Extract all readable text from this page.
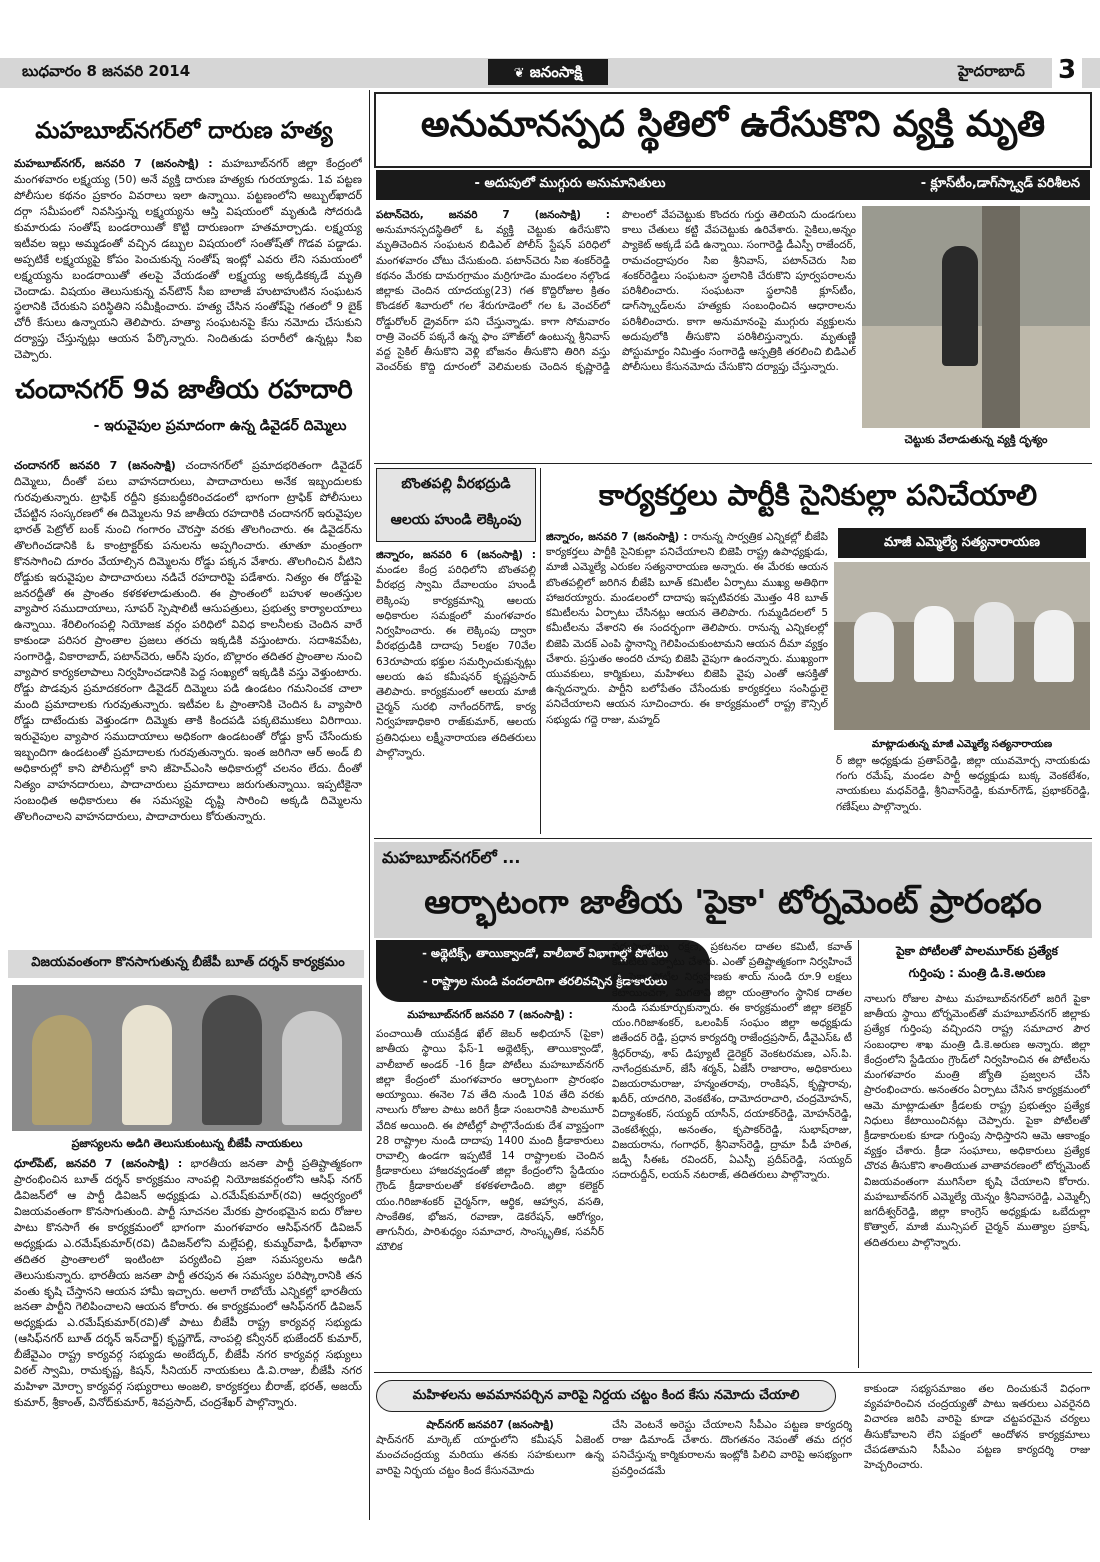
బుధవారం 8 జనవరి 2014	❦ జనంసాక్షి	హైదరాబాద్ 3
మహబూబ్‌నగర్‌లో దారుణ హత్య
మహబూబ్‌నగర్, జనవరి 7 (జనంసాక్షి) : మహబూబ్‌నగర్ జిల్లా కేంద్రంలో మంగళవారం లక్ష్మయ్య (50) అనే వ్యక్తి దారుణ హత్యకు గురయ్యాడు. 1వ పట్టణ పోలీసుల కథనం ప్రకారం వివరాలు ఇలా ఉన్నాయి. పట్టణంలోని అబ్బుల్‌ఖాదర్ దర్గా సమీపంలో నివసిస్తున్న లక్ష్మయ్యను ఆస్తి విషయంలో మృతుడి సోదరుడి కుమారుడు సంతోష్ బండరాయితో కొట్టి దారుణంగా హతమార్చాడు. లక్ష్మయ్య ఇటీవల ఇల్లు అమ్మడంతో వచ్చిన డబ్బుల విషయంలో సంతోష్‌తో గొడవ పడ్డాడు. అప్పటికే లక్ష్మయ్యపై కోపం పెంచుకున్న సంతోష్ ఇంట్లో ఎవరు లేని సమయంలో లక్ష్మయ్యను బండరాయితో తలపై వేయడంతో లక్ష్మయ్య అక్కడికక్కడే మృతి చెందాడు. విషయం తెలుసుకున్న వన్‌టౌన్ సీఐ బాలాజీ హుటాహుటిన సంఘటన స్థలానికి చేరుకుని పరిస్థితిని సమీక్షించారు. హత్య చేసిన సంతోష్‌పై గతంలో 9 బైక్ చోరీ కేసులు ఉన్నాయని తెలిపారు. హత్యా సంఘటనపై కేసు నమోదు చేసుకుని దర్యాప్తు చేస్తున్నట్లు ఆయన పేర్కొన్నారు. నిందితుడు పరారీలో ఉన్నట్లు సీఐ చెప్పారు.
చందానగర్ 9వ జాతీయ రహదారి
- ఇరువైపుల ప్రమాదంగా ఉన్న డివైడర్ దిమ్మెలు
చందానగర్ జనవరి 7 (జనంసాక్షి) చందానగర్‌లో ప్రమాదభరితంగా డివైడర్ దిమ్మెలు, దీంతో పలు వాహనదారులు, పాదాచారులు అనేక ఇబ్బందులకు గురవుతున్నారు. ట్రాఫిక్ రద్దీని క్రమబద్ధీకరించడంలో భాగంగా ట్రాఫిక్ పోలీసులు చేపట్టిన సంస్కరణలో ఈ దిమ్మెలను 9వ జాతీయ రహదారికి చందానగర్ ఇరువైపుల భారత్ పెట్రోల్ బంక్ నుంచి గంగారం చౌరస్తా వరకు తొలగించారు. ఈ డివైడర్‌ను తొలగించడానికి ఓ కాంట్రాక్టర్‌కు పనులను అప్పగించారు. తూతూ మంత్రంగా కొనసాగించి దూరం వేయాల్సిన దిమ్మెలను రోడ్డు పక్కన వేశారు. తొలగించిన వీటిని రోడ్డుకు ఇరువైపుల పాదాచారులు నడిచే రహదారిపై పడేశారు. నిత్యం ఈ రోడ్డుపై జనరద్దీతో ఈ ప్రాంతం కళకళలాడుతుంది. ఈ ప్రాంతంలో బహుళ అంతస్తుల వ్యాపార సముదాయాలు, సూపర్ స్పెషాలిటీ ఆసుపత్రులు, ప్రభుత్వ కార్యాలయాలు ఉన్నాయి. శేరిలింగంపల్లి నియోజక వర్గం పరిధిలో వివిధ కాలనీలకు చెందిన వారే కాకుండా పరిసర ప్రాంతాల ప్రజలు తరచు ఇక్కడికి వస్తుంటారు. సదాశివపేట, సంగారెడ్డి, వికారాబాద్, పటాన్‌చెరు, ఆర్‌సి పురం, బొల్లారం తదితర ప్రాంతాల నుంచి వ్యాపార కార్యకలాపాలు నిర్వహించడానికి పెద్ద సంఖ్యలో ఇక్కడికి వస్తు వెళ్తుంటారు. రోడ్డు పొడవున ప్రమాదకరంగా డివైడర్ దిమ్మెలు పడి ఉండటం గమనించక చాలా మంది ప్రమాదాలకు గురవుతున్నారు. ఇటీవల ఓ ప్రాంతానికి చెందిన ఓ వ్యాపారి రోడ్డు దాటేందుకు వెళ్తుండగా దిమ్మెకు తాకి కిందపడి పక్కటెముకలు విరిగాయి. ఇరువైపుల వ్యాపార సముదాయాలు అధికంగా ఉండటంతో రోడ్డు క్రాస్ చేసేందుకు ఇబ్బందిగా ఉండటంతో ప్రమాదాలకు గురవుతున్నారు. ఇంత జరిగినా ఆర్ అండ్ బి అధికారుల్లో కాని పోలీసుల్లో కాని జీహెచ్ఎంసి అధికారుల్లో చలనం లేదు. దీంతో నిత్యం వాహనదారులు, పాదాచారులు ప్రమాదాలు జరుగుతున్నాయి. ఇప్పటికైనా సంబంధిత అధికారులు ఈ సమస్యపై దృష్టి సారించి అక్కడి దిమ్మెలను తొలగించాలని వాహనదారులు, పాదాచారులు కోరుతున్నారు.
విజయవంతంగా కొనసాగుతున్న బీజేపీ బూత్ దర్శన్ కార్యక్రమం
ప్రజాస్యలను అడిగి తెలుసుకుంటున్న బీజేపీ నాయకులు
ధూల్‌పేట్, జనవరి 7 (జనంసాక్షి) : భారతీయ జనతా పార్టీ ప్రతిష్టాత్మకంగా ప్రారంభించిన బూత్ దర్శన్ కార్యక్రమం నాంపల్లి నియోజకవర్గంలోని ఆసిఫ్ నగర్ డివిజన్‌లో ఆ పార్టీ డివిజన్ అధ్యక్షుడు ఎ.రమేష్‌కుమార్(రవి) ఆధ్వర్యంలో విజయవంతంగా కొనసాగుతుంది. పార్టీ సూచనల మేరకు ప్రారంభమైన ఐదు రోజుల పాటు కొనసాగే ఈ కార్యక్రమంలో భాగంగా మంగళవారం ఆసిఫ్‌నగర్ డివిజన్ అధ్యక్షుడు ఎ.రమేష్‌కుమార్(రవి) డివిజన్‌లోని మల్లేపల్లి, కుమ్మర్‌వాడి, ఫీల్‌ఖానా తదితర ప్రాంతాలలో ఇంటింటా పర్యటించి ప్రజా సమస్యలను అడిగి తెలుసుకున్నారు. భారతీయ జనతా పార్టీ తరపున ఈ సమస్యల పరిష్కారానికి తన వంతు కృషి చేస్తానని ఆయన హామీ ఇచ్చారు. అలాగే రాబోయే ఎన్నికల్లో భారతీయ జనతా పార్టీని గెలిపించాలని ఆయన కోరారు. ఈ కార్యక్రమంలో ఆసిఫ్‌నగర్ డివిజన్ అధ్యక్షుడు ఎ.రమేష్‌కుమార్(రవి)తో పాటు బీజేపీ రాష్ట్ర కార్యవర్గ సభ్యుడు (ఆసిఫ్‌నగర్ బూత్ దర్శన్ ఇన్‌చార్జ్) కృష్ణగౌడ్, నాంపల్లి కన్వీనర్ భుజేందర్ కుమార్, బీజేవైఎం రాష్ట్ర కార్యవర్గ సభ్యుడు అంబేద్కర్, బీజేపీ నగర కార్యవర్గ సభ్యులు విఠల్ స్వామి, రామకృష్ణ, కిషన్, సీనియర్ నాయకులు డి.వి.రాజు, బీజేపీ నగర మహిళా మోర్చా కార్యవర్గ సభ్యురాలు అంజలి, కార్యకర్తలు బీరాజ్, భరత్, అజయ్ కుమార్, శ్రీకాంత్, వినోద్‌కుమార్, శివప్రసాద్, చంద్రశేఖర్ పాల్గొన్నారు.
అనుమానస్పద స్థితిలో ఉరేసుకొని వ్యక్తి మృతి
- అదుపులో ముగ్గురు అనుమానితులు	- క్లూస్‌టీం,డాగ్‌స్క్వాడ్ పరిశీలన
పటాన్‌చెరు, జనవరి 7 (జనంసాక్షి) : అనుమానస్పదస్థితిలో ఓ వ్యక్తి చెట్టుకు ఉరేసుకొని మృతిచెందిన సంఘటన బిడిఎల్ పోలీస్ స్టేషన్ పరిధిలో మంగళవారం చోటు చేసుకుంది. పటాన్‌చెరు సిఐ శంకర్‌రెడ్డి కథనం మేరకు దామరగ్రామం మర్రిగూడెం మండలం నల్గొండ జిల్లాకు చెందిన యాదయ్య(23) గత కొద్దిరోజుల క్రితం కొండకల్ శివారులో గల శేరుగూడెంలో గల ఓ వెంచర్‌లో రోడ్డురోలర్ డ్రైవర్‌గా పని చేస్తున్నాడు. కాగా సోమవారం రాత్రి వెంచర్ పక్కనే ఉన్న ఫాం హౌజ్‌లో ఉంటున్న శ్రీనివాస్ వద్ద సైకిల్ తీసుకొని వెళ్లి బోజనం తీసుకొని తిరిగి వస్తు వెంచర్‌కు కొద్ది దూరంలో వెలిమలకు చెందిన కృష్ణారెడ్డి పొలంలో వేపచెట్టుకు కొందరు గుర్తు తెలియని దుండగులు కాలు చేతులు కట్టి వేపచెట్టుకు ఉరివేశారు. సైకిలు,అన్నం ప్యాకెట్ అక్కడే పడి ఉన్నాయి. సంగారెడ్డి డీఎస్పీ రాజేందర్, రామచంద్రాపురం సిఐ శ్రీనివాస్, పటాన్‌చెరు సిఐ శంకర్‌రెడ్డిలు సంఘటనా స్థలానికి చేరుకొని పూర్వపరాలను పరిశీలించారు. సంఘటనా స్థలానికి క్లూస్‌టీం, డాగ్‌స్క్వాడ్‌లను హత్యకు సంబంధించిన ఆధారాలను పరిశీలించారు. కాగా అనుమానంపై ముగ్గురు వ్యక్తులను అదుపులోకి తీసుకొని పరిశీలిస్తున్నారు. మృతుణ్ణి పోస్టుమార్టం నిమిత్తం సంగారెడ్డి ఆస్పత్రికి తరలించి బిడిఎల్ పోలీసులు కేసునమోదు చేసుకొని దర్యాప్తు చేస్తున్నారు.
చెట్టుకు వేలాడుతున్న వ్యక్తి దృశ్యం
బొంతపల్లి వీరభద్రుడి
ఆలయ హుండి లెక్కింపు
జిన్నారం, జనవరి 6 (జనంసాక్షి) : మండల కేంద్ర పరిధిలోని బొంతపల్లి వీరభద్ర స్వామి దేవాలయం హుండీ లెక్కింపు కార్యక్రమాన్ని ఆలయ అధికారుల సమక్షంలో మంగళవారం నిర్వహించారు. ఈ లెక్కింపు ద్వారా వీరభద్రుడికి దాదాపు 5లక్షల 70వేల 63రూపాయ భక్తుల సమర్పించుకున్నట్లు ఆలయ ఉప కమీషనర్ కృష్ణప్రసాద్ తెలిపారు. కార్యక్రమంలో ఆలయ మాజీ చైర్మన్ సురభి నాగేందర్‌గౌడ్, కార్య నిర్వహణాధికారి రాజ్‌కుమార్, ఆలయ ప్రతినిధులు లక్ష్మీనారాయణ తదితరులు పాల్గొన్నారు.
కార్యకర్తలు పార్టీకి సైనికుల్లా పనిచేయాలి
జిన్నారం, జనవరి 7 (జనంసాక్షి) : రానున్న సార్వత్రిక ఎన్నికల్లో బీజేపి కార్యకర్తలు పార్టీకి సైనికుల్లా పనిచేయాలని బిజెపి రాష్ట్ర ఉపాధ్యక్షుడు, మాజీ ఎమ్మెల్యే ఎరుకల సత్యనారాయణ అన్నారు. ఈ మేరకు ఆయన బొంతపల్లిలో జరిగిన బీజేపి బూత్ కమిటీల ఏర్పాటు ముఖ్య అతిథిగా హాజరయ్యారు. మండలంలో దాదాపు ఇప్పటివరకు మొత్తం 48 బూత్ కమిటీలను ఏర్పాటు చేసినట్లు ఆయన తెలిపారు. గుమ్మడిదలలో 5 కమీటీలను వేశారని ఈ సందర్భంగా తెలిపారు. రానున్న ఎన్నికలల్లో బిజెపి మెదక్ ఎంపి స్థానాన్ని గెలిపించుకుంటామని ఆయన దీమా వ్యక్తం చేశారు. ప్రస్తుతం అందరి చూపు బిజెపి వైపుగా ఉందన్నారు. ముఖ్యంగా యువకులు, కార్మికులు, మహిళలు బిజెపి వైపు ఎంతో ఆసక్తితో ఉన్నదన్నారు. పార్టీని బలోపేతం చేసేందుకు కార్యకర్తలు సంసిద్ధులై పనిచేయాలని ఆయన సూచించారు. ఈ కార్యక్రమంలో రాష్ట్ర కౌన్సిల్ సభ్యుడు గద్దె రాజు, మహ్మద్
మాజీ ఎమ్మెల్యే సత్యనారాయణ
మాట్లాడుతున్న మాజీ ఎమ్మెల్యే సత్యనారాయణ
ర్ జిల్లా అధ్యక్షుడు ప్రతాప్‌రెడ్డి, జిల్లా యువమోర్చ నాయకుడు గంగు రమేష్, మండల పార్టీ అధ్యక్షుడు బుక్క వెంకటేశం, నాయకులు మధవ్‌రెడ్డి, శ్రీనివాస్‌రెడ్డి, కుమార్‌గౌడ్, ప్రభాకర్‌రెడ్డి, గణేష్‌లు పాల్గొన్నారు.
మహబూబ్‌నగర్‌లో ...
ఆర్భాటంగా జాతీయ 'పైకా' టోర్నమెంట్ ప్రారంభం
- అథ్లెటిక్స్, తాయిక్వాండో, వాలీబాల్ విభాగాల్లో పోటీలు
- రాష్ట్రాల నుండి వందలాదిగా తరలివచ్చిన క్రీడాకారులు
మహబూబ్‌నగర్ జనవరి 7 (జనంసాక్షి) :
పంచాయితీ యువక్రీడ ఖేల్ జెబర్ అభియాన్ (పైకా) జాతీయ స్థాయి ఫేస్-1 అథ్లెటిక్స్, తాయిక్వాండో, వాలీబాల్ అండర్ -16 క్రీడా పోటీలు మహబూబ్‌నగర్ జిల్లా కేంద్రంలో మంగళవారం ఆర్భాటంగా ప్రారంభం అయ్యాయి. ఈనెల 7వ తేది నుండి 10వ తేది వరకు నాలుగు రోజుల పాటు జరిగే క్రీడా సంబరానికి పాలమూర్ వేదిక అయింది. ఈ పోటీల్లో పాల్గొనేందుకు దేశ వ్యాప్తంగా 28 రాష్ట్రాల నుండి దాదాపు 1400 మంది క్రీడాకారులు రావాల్సి ఉండగా ఇప్పటికే 14 రాష్ట్రాలకు చెందిన క్రీడాకారులు హాజరవ్వడంతో జిల్లా కేంద్రంలోని స్టేడియం గ్రౌండ్ క్రీడాకారులతో కళకళలాడింది. జిల్లా కలెక్టర్ యం.గిరిజాశంకర్ చైర్మన్‌గా, ఆర్థిక, ఆహ్వాన, వసతి, సాంకేతిక, భోజన, రవాణా, డెకరేషన్, ఆరోగ్యం, తాగునీరు, పారిశుధ్యం సమాచార, సాంస్కృతిక, సవనీర్ మౌలిక
సదుపాయాలు రక్షణ, ప్రకటనల దాతల కమిటీ, కవాత్ కమిటీలు ఏర్పాటు చేశారు. ఎంతో ప్రతిష్టాత్మకంగా నిర్వహించే ఈ పైకా పోటీల నిర్వహణకు శాయ్ నుండి రూ.9 లక్షలు కేటాయించగా, మిగతావి జిల్లా యంత్రాంగం స్థానిక దాతల నుండి సమకూర్చుకున్నారు. ఈ కార్యక్రమంలో జిల్లా కలెక్టర్ యం.గిరిజాశంకర్, ఒలంపిక్ సంఘం జిల్లా అధ్యక్షుడు జితేందర్ రెడ్డి, ప్రధాన కార్యదర్శి రాజేంద్రప్రసాద్, డీవైఎస్ఓ టీ శ్రీధర్‌రావు, శాప్ డిప్యూటీ డైరెక్టర్ వెంకటరమణ, ఎస్.పి. నాగేంద్రకుమార్, జేసీ శర్మన్, ఏజేసీ రాజారాం, అధికారులు విజయరామరాజు, హన్మంతరావు, రాంకిషన్, కృష్ణారావు, ఖదీర్, యాదగిరి, వెంకటేశం, దామోదరాచారి, చంద్రమోహన్, విద్యాశంకర్, సయ్యద్ యాసీన్, దయాకర్‌రెడ్డి, మోహన్‌రెడ్డి, వెంకటేశ్వర్లు, అనంతం, కృపాకర్‌రెడ్డి, సుభాష్‌రాజు, విజయరాను, గంగాధర్, శ్రీనివాస్‌రెడ్డి, ద్రామా పీడీ హరిత, జడ్పీ సీఈఓ రవిందర్, ఏఎస్పీ ప్రదీప్‌రెడ్డి, సయ్యద్ సదారుద్దీన్, లయన్ నటరాజ్, తదితరులు పాల్గొన్నారు.
పైకా పోటీలతో పాలమూర్‌కు ప్రత్యేక
గుర్తింపు : మంత్రి డి.కె.అరుణ
నాలుగు రోజుల పాటు మహబూబ్‌నగర్‌లో జరిగే పైకా జాతీయ స్థాయి టోర్నమెంట్‌తో మహబూబ్‌నగర్ జిల్లాకు ప్రత్యేక గుర్తింపు వచ్చిందని రాష్ట్ర సమాచార పౌర సంబంధాల శాఖ మంత్రి డి.కె.అరుణ అన్నారు. జిల్లా కేంద్రంలోని స్టేడియం గ్రౌండ్‌లో నిర్వహించిన ఈ పోటీలను మంగళవారం మంత్రి జ్యోతి ప్రజ్వలన చేసి ప్రారంభించారు. అనంతరం ఏర్పాటు చేసిన కార్యక్రమంలో ఆమె మాట్లాడుతూ క్రీడలకు రాష్ట్ర ప్రభుత్వం ప్రత్యేక నిధులు కేటాయించినట్లు చెప్పారు. పైకా పోటీలతో క్రీడాకారులకు కూడా గుర్తింపు సాధిస్తారని ఆమె ఆకాంక్షం వ్యక్తం చేశారు. క్రీడా సంఘాలు, అధికారులు ప్రత్యేక చొరవ తీసుకొని శాంతియుత వాతావరణంలో టోర్నమెంట్ విజయవంతంగా ముగిసేలా కృషి చేయాలని కోరారు. మహబూబ్‌నగర్ ఎమ్మెల్యే యెన్నం శ్రీనివాసరెడ్డి, ఎమ్మెల్సీ జగదీశ్వర్‌రెడ్డి, జిల్లా కాంగ్రెస్ అధ్యక్షుడు ఒబేదుల్లా కొత్వాల్, మాజీ మున్సిపల్ చైర్మన్ ముత్యాల ప్రకాష్, తదితరులు పాల్గొన్నారు.
మహిళలను అవమానపర్చిన వారిపై నిర్దయ చట్టం కింద కేసు నమోదు చేయాలి
షాద్‌నగర్ జనవరి7 (జనంసాక్షి)
షాద్‌నగర్ మార్కెట్ యార్డులోని కమీషన్ ఏజెంట్ మంచచంద్రయ్య మరియు తనకు సహకులుగా ఉన్న వారిపై నిర్భయ చట్టం కింద కేసునమోదు
చేసి వెంటనే అరెస్టు చేయాలని సీపీఎం పట్టణ కార్యదర్శి రాజు డిమాండ్ చేశారు. దొంగతనం నెపంతో తమ దగ్గర పనిచేస్తున్న కార్మికురాలను ఇంట్లోకి పిలిచి వారిపై అసభ్యంగా ప్రవర్తించడమే
కాకుండా సభ్యసమాజం తల దించుకునే విధంగా వ్యవహరించిన చంద్రయ్యతో పాటు ఇతరులు ఎవరైనది విచారణ జరిపి వారిపై కూడా చట్టపరమైన చర్యలు తీసుకోవాలని లేని పక్షంలో ఆందోళన కార్యక్రమాలు చేపడతామని సీపీఎం పట్టణ కార్యదర్శి రాజు హెచ్చరించారు.
